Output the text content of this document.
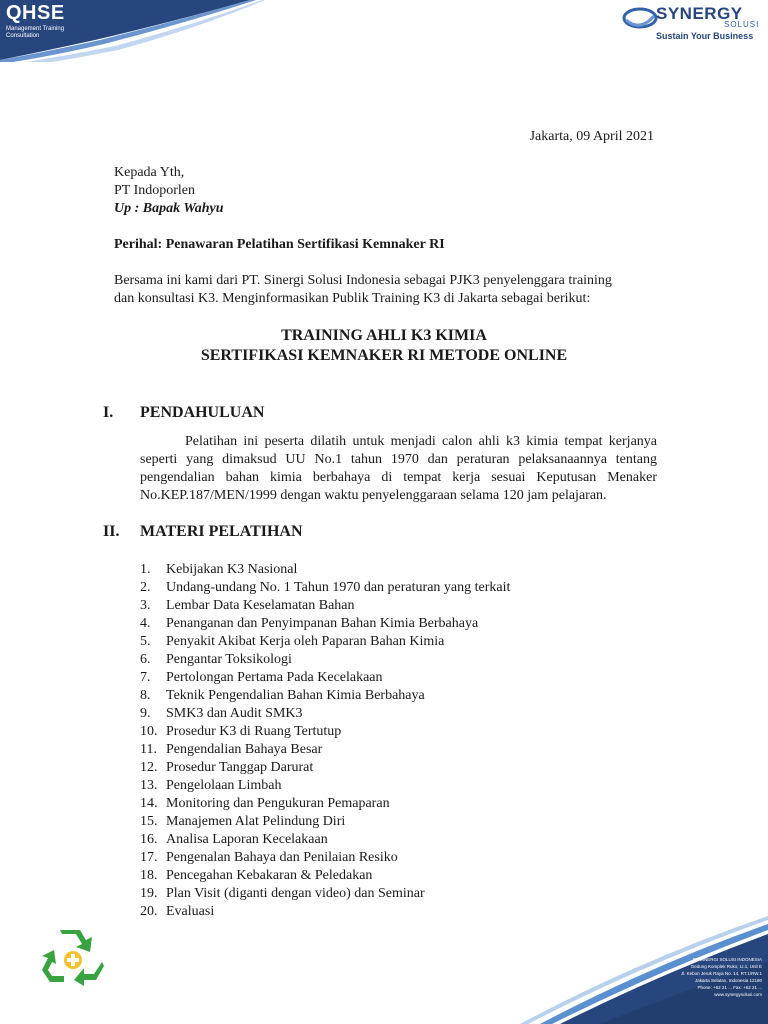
QHSE
Management Training Consultation
SYNERGY
SOLUSI
Sustain Your Business
Jakarta, 09 April 2021
Kepada Yth,
PT Indoporlen
Up : Bapak Wahyu
Perihal: Penawaran Pelatihan Sertifikasi Kemnaker RI
Bersama ini kami dari PT. Sinergi Solusi Indonesia sebagai PJK3 penyelenggara training
dan konsultasi K3. Menginformasikan Publik Training K3 di Jakarta sebagai berikut:
TRAINING AHLI K3 KIMIA
SERTIFIKASI KEMNAKER RI METODE ONLINE
I. PENDAHULUAN
Pelatihan ini peserta dilatih untuk menjadi calon ahli k3 kimia tempat kerjanya
seperti yang dimaksud UU No.1 tahun 1970 dan peraturan pelaksanaannya tentang
pengendalian bahan kimia berbahaya di tempat kerja sesuai Keputusan Menaker
No.KEP.187/MEN/1999 dengan waktu penyelenggaraan selama 120 jam pelajaran.
II. MATERI PELATIHAN
1. Kebijakan K3 Nasional
2. Undang-undang No. 1 Tahun 1970 dan peraturan yang terkait
3. Lembar Data Keselamatan Bahan
4. Penanganan dan Penyimpanan Bahan Kimia Berbahaya
5. Penyakit Akibat Kerja oleh Paparan Bahan Kimia
6. Pengantar Toksikologi
7. Pertolongan Pertama Pada Kecelakaan
8. Teknik Pengendalian Bahan Kimia Berbahaya
9. SMK3 dan Audit SMK3
10. Prosedur K3 di Ruang Tertutup
11. Pengendalian Bahaya Besar
12. Prosedur Tanggap Darurat
13. Pengelolaan Limbah
14. Monitoring dan Pengukuran Pemaparan
15. Manajemen Alat Pelindung Diri
16. Analisa Laporan Kecelakaan
17. Pengenalan Bahaya dan Penilaian Resiko
18. Pencegahan Kebakaran & Peledakan
19. Plan Visit (diganti dengan video) dan Seminar
20. Evaluasi
PT SINERGI SOLUSI INDONESIA
Gedung Komplek Ruko, Lt.1, Unit E
Jl. Kebon Jeruk Raya No. 14, RT.1/RW.1
Jakarta Selatan, Indonesia 12180
Phone: +62 21 ... Fax: +62 21 ...
www.synergysolusi.com
